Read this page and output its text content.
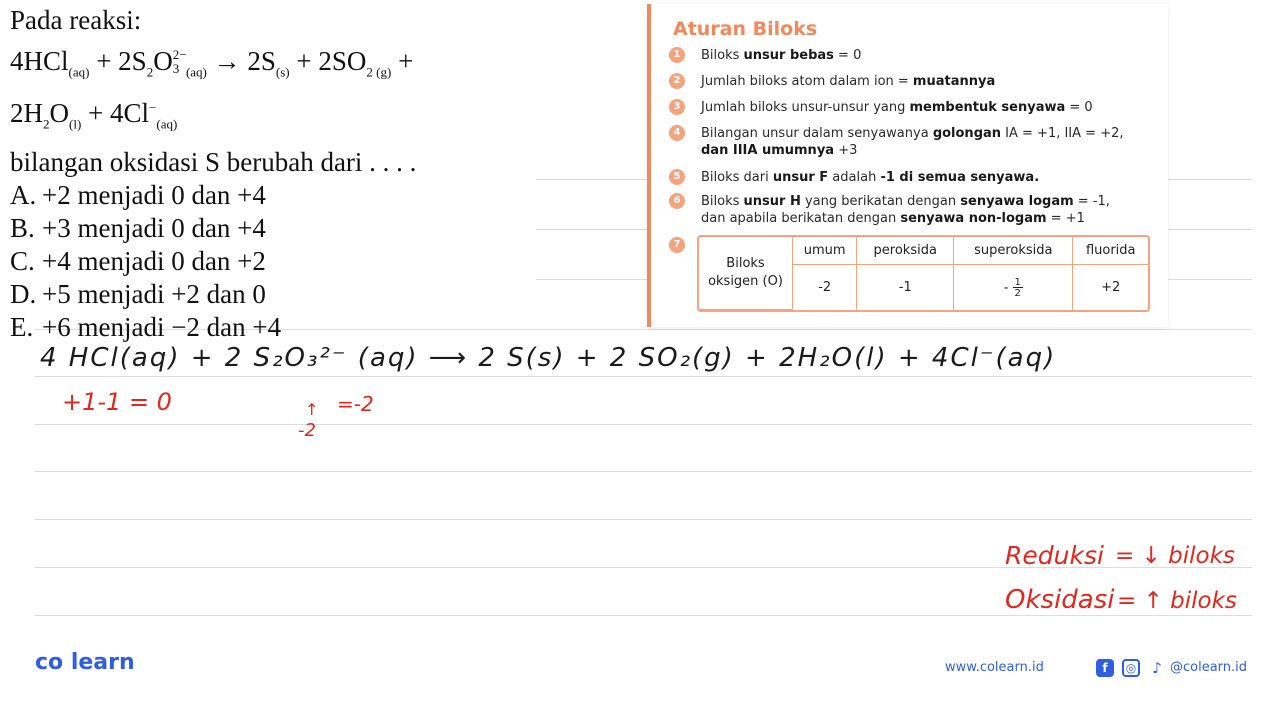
Pada reaksi:
$4HCl_{(aq)} + 2S_2O$ 2−
3 $_{(aq)} \to 2S_{(s)} + 2SO_{2 (g)}$ +
$2H_2O_{(l)} + 4Cl^-_{(aq)}$
bilangan oksidasi S berubah dari . . . .
A. +2 menjadi 0 dan +4
B. +3 menjadi 0 dan +4
C. +4 menjadi 0 dan +2
D. +5 menjadi +2 dan 0
E. +6 menjadi −2 dan +4
Aturan Biloks
1	Biloks unsur bebas = 0
2	Jumlah biloks atom dalam ion = muatannya
3	Jumlah biloks unsur-unsur yang membentuk senyawa = 0
4	Bilangan unsur dalam senyawanya golongan IA = +1, IIA = +2,
dan IIIA umumnya +3
5	Biloks dari unsur F adalah -1 di semua senyawa.
6	Biloks unsur H yang berikatan dengan senyawa logam = -1,
dan apabila berikatan dengan senyawa non-logam = +1
7
Biloks
oksigen (O)	umum	peroksida	superoksida	fluorida
	-2	-1	- $\frac{1}{2}$	+2
4 HCl(aq) + 2 S₂O₃²⁻ (aq) ⟶ 2 S(s) + 2 SO₂(g) + 2H₂O(l) + 4Cl⁻(aq)
+1-1 = 0	↑ =-2
-2
Reduksi = ↓ biloks
Oksidasi = ↑ biloks
co learn	www.colearn.id	f	◎ ♪ @colearn.id
